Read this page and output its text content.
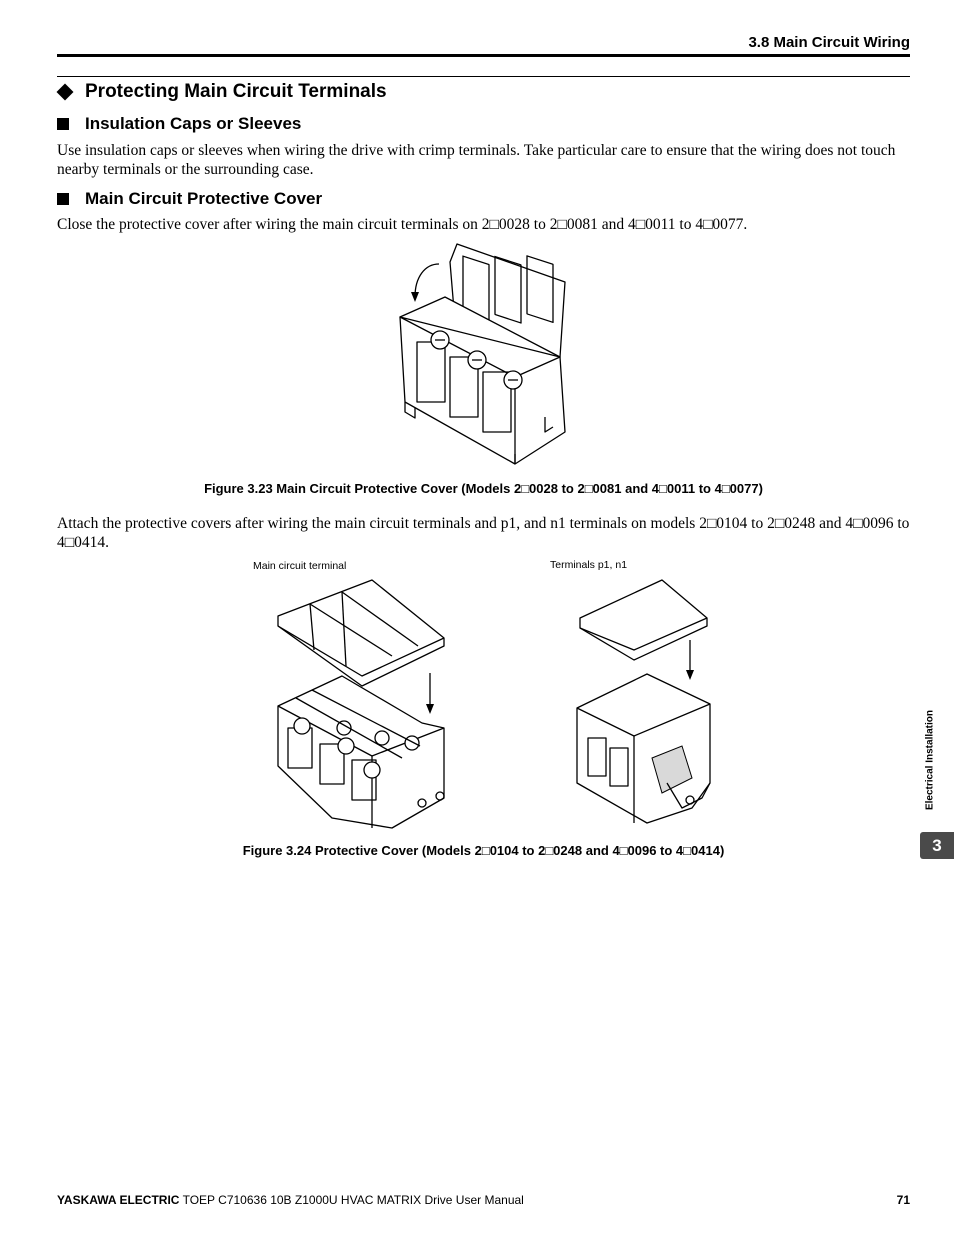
3.8 Main Circuit Wiring
Protecting Main Circuit Terminals
Insulation Caps or Sleeves
Use insulation caps or sleeves when wiring the drive with crimp terminals. Take particular care to ensure that the wiring does not touch nearby terminals or the surrounding case.
Main Circuit Protective Cover
Close the protective cover after wiring the main circuit terminals on 2□0028 to 2□0081 and 4□0011 to 4□0077.
Figure 3.23 Main Circuit Protective Cover (Models 2□0028 to 2□0081 and 4□0011 to 4□0077)
Attach the protective covers after wiring the main circuit terminals and p1, and n1 terminals on models 2□0104 to 2□0248 and 4□0096 to 4□0414.
Main circuit terminal	Terminals p1, n1
Figure 3.24 Protective Cover (Models 2□0104 to 2□0248 and 4□0096 to 4□0414)
Electrical Installation
3
YASKAWA ELECTRIC TOEP C710636 10B Z1000U HVAC MATRIX Drive User Manual	71
